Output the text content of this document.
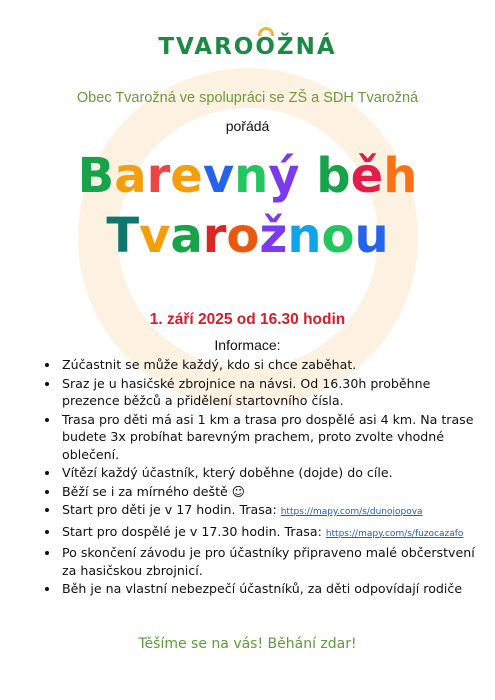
TVAROO
ŽNÁ
Obec Tvarožná ve spolupráci se ZŠ a SDH Tvarožná
pořádá
Barevný běh
Tvarožnou
1. září 2025 od 16.30 hodin
Informace:
• Zúčastnit se může každý, kdo si chce zaběhat.
• Sraz je u hasičské zbrojnice na návsi. Od 16.30h proběhne prezence běžců a přidělení startovního čísla.
• Trasa pro děti má asi 1 km a trasa pro dospělé asi 4 km. Na trase budete 3x probíhat barevným prachem, proto zvolte vhodné oblečení.
• Vítězí každý účastník, který doběhne (dojde) do cíle.
• Běží se i za mírného deště ☺
• Start pro děti je v 17 hodin. Trasa: https://mapy.com/s/dunojopova
• Start pro dospělé je v 17.30 hodin. Trasa: https://mapy.com/s/fuzocazafo
• Po skončení závodu je pro účastníky připraveno malé občerstvení za hasičskou zbrojnicí.
• Běh je na vlastní nebezpečí účastníků, za děti odpovídají rodiče
Těšíme se na vás! Běhání zdar!
